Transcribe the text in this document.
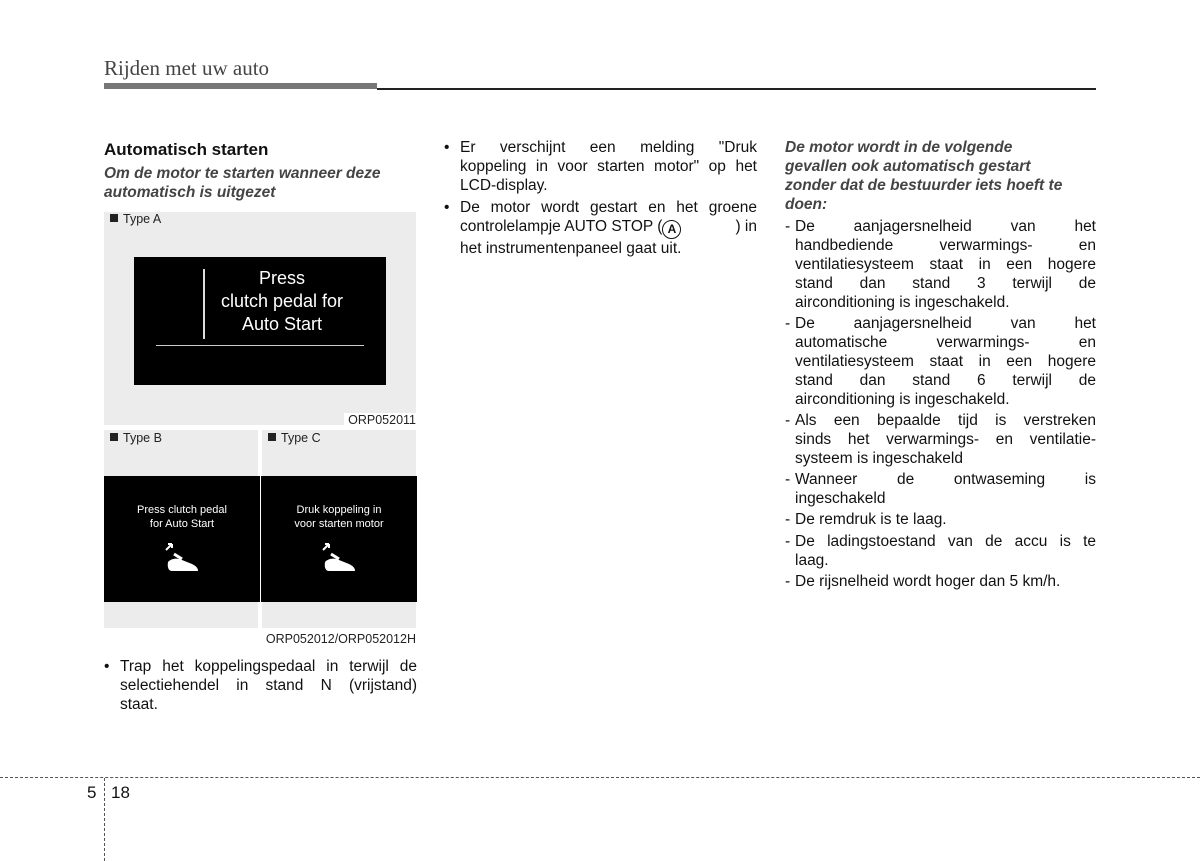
Rijden met uw auto
Automatisch starten
Om de motor te starten wanneer deze automatisch is uitgezet
Type A
Press
clutch pedal for
Auto Start
ORP052011
Type B	Type C
Press clutch pedal
for Auto Start
Druk koppeling in
voor starten motor
ORP052012/ORP052012H
• Trap het koppelingspedaal in terwijl de
selectiehendel in stand N (vrijstand)
staat.
• Er verschijnt een melding "Druk
koppeling in voor starten motor" op het
LCD-display.
• De motor wordt gestart en het groene
controlelampje AUTO STOP ( A	) in
het instrumentenpaneel gaat uit.
De motor wordt in de volgende
gevallen ook automatisch gestart
zonder dat de bestuurder iets hoeft te
doen:
- De aanjagersnelheid van het
handbediende verwarmings- en
ventilatiesysteem staat in een hogere
stand dan stand 3 terwijl de
airconditioning is ingeschakeld.
- De aanjagersnelheid van het
automatische verwarmings- en
ventilatiesysteem staat in een hogere
stand dan stand 6 terwijl de
airconditioning is ingeschakeld.
- Als een bepaalde tijd is verstreken
sinds het verwarmings- en ventilatie-
systeem is ingeschakeld
- Wanneer de ontwaseming is
ingeschakeld
- De remdruk is te laag.
- De ladingstoestand van de accu is te
laag.
- De rijsnelheid wordt hoger dan 5 km/h.
5 18
